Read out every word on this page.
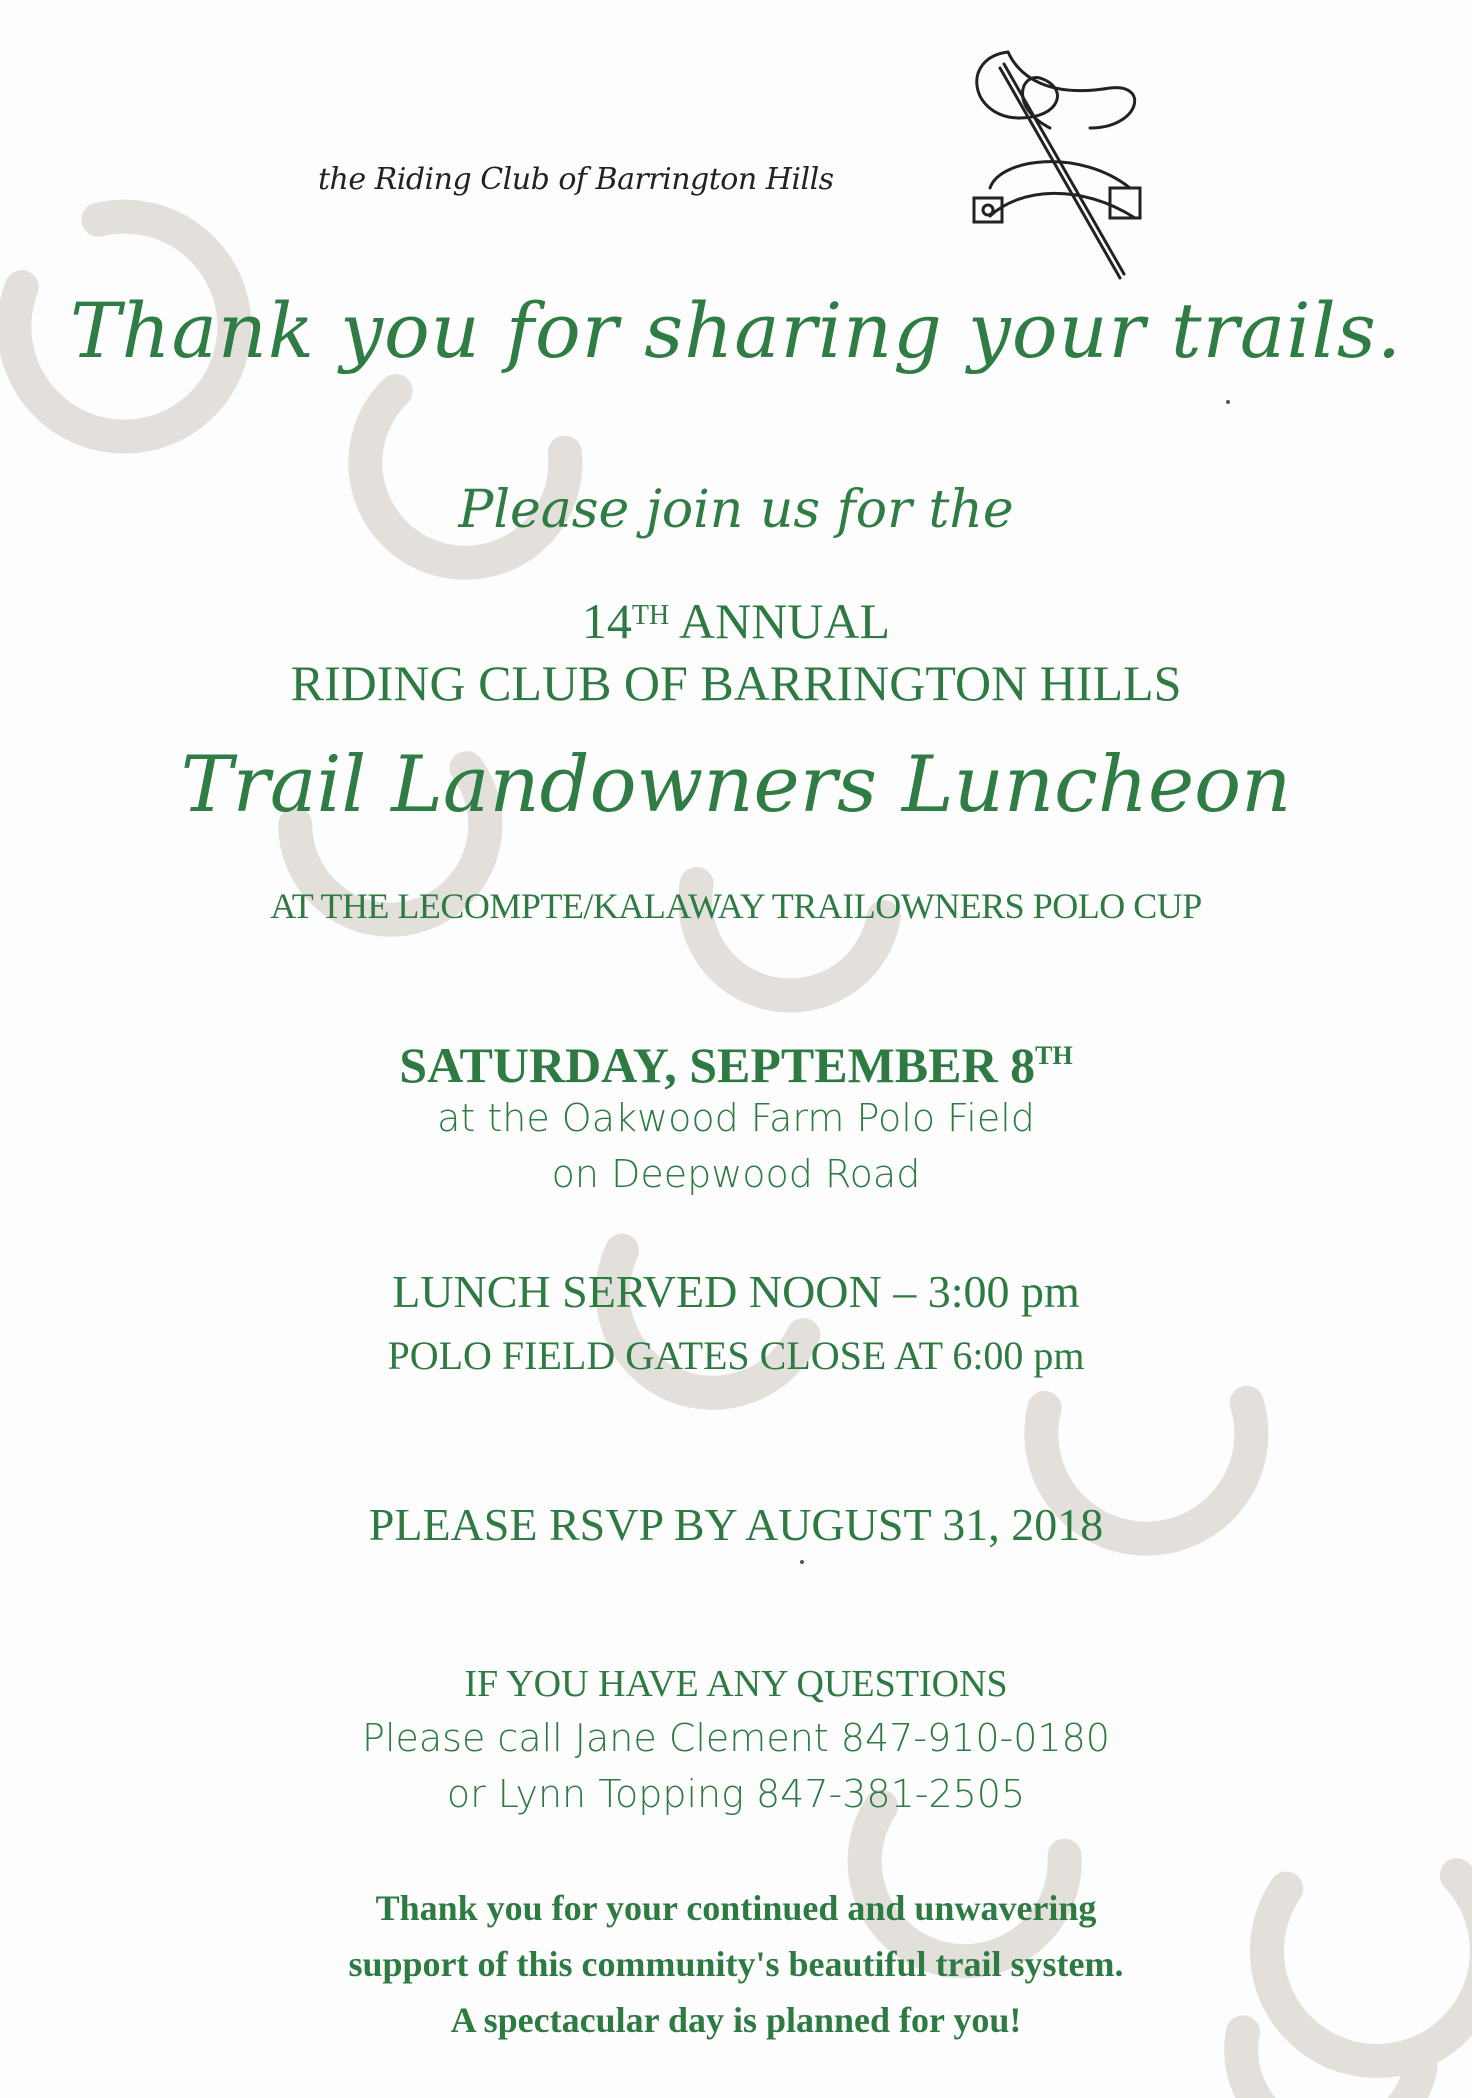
the Riding Club of Barrington Hills
Thank you for sharing your trails.
Please join us for the
14TH ANNUAL
RIDING CLUB OF BARRINGTON HILLS
Trail Landowners Luncheon
AT THE LECOMPTE/KALAWAY TRAILOWNERS POLO CUP
SATURDAY, SEPTEMBER 8TH
at the Oakwood Farm Polo Field
on Deepwood Road
LUNCH SERVED NOON – 3:00 pm
POLO FIELD GATES CLOSE AT 6:00 pm
PLEASE RSVP BY AUGUST 31, 2018
IF YOU HAVE ANY QUESTIONS
Please call Jane Clement 847-910-0180
or Lynn Topping 847-381-2505
Thank you for your continued and unwavering
support of this community's beautiful trail system.
A spectacular day is planned for you!
